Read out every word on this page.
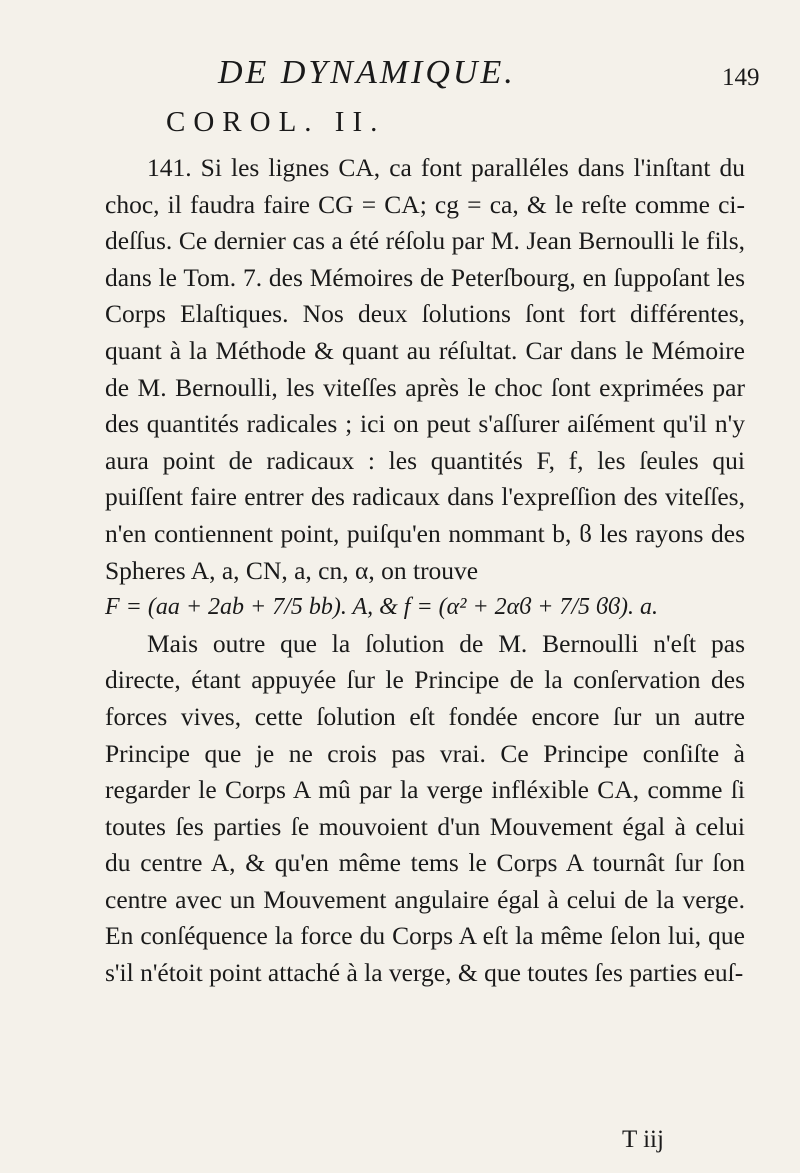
DE DYNAMIQUE.	149
COROL. II.

141. Si les lignes CA, ca font paralléles dans l'inſtant du choc, il faudra faire CG = CA; cg = ca, & le reſte comme ci-deſſus. Ce dernier cas a été réſolu par M. Jean Bernoulli le fils, dans le Tom. 7. des Mémoires de Peterſbourg, en ſuppoſant les Corps Elaſtiques. Nos deux ſolutions ſont fort différentes, quant à la Méthode & quant au réſultat. Car dans le Mémoire de M. Bernoulli, les viteſſes après le choc ſont exprimées par des quantités radicales ; ici on peut s'aſſurer aiſément qu'il n'y aura point de radicaux : les quantités F, f, les ſeules qui puiſſent faire entrer des radicaux dans l'expreſſion des viteſſes, n'en contiennent point, puiſqu'en nommant b, ϐ les rayons des Spheres A, a, CN, a, cn, α, on trouve

F = (aa + 2ab + 7/5 bb). A, & f = (α² + 2αϐ + 7/5 ϐϐ). a.

Mais outre que la ſolution de M. Bernoulli n'eſt pas directe, étant appuyée ſur le Principe de la conſervation des forces vives, cette ſolution eſt fondée encore ſur un autre Principe que je ne crois pas vrai. Ce Principe conſiſte à regarder le Corps A mû par la verge infléxible CA, comme ſi toutes ſes parties ſe mouvoient d'un Mouvement égal à celui du centre A, & qu'en même tems le Corps A tournât ſur ſon centre avec un Mouvement angulaire égal à celui de la verge. En conſéquence la force du Corps A eſt la même ſelon lui, que s'il n'étoit point attaché à la verge, & que toutes ſes parties euſ-

T iij
